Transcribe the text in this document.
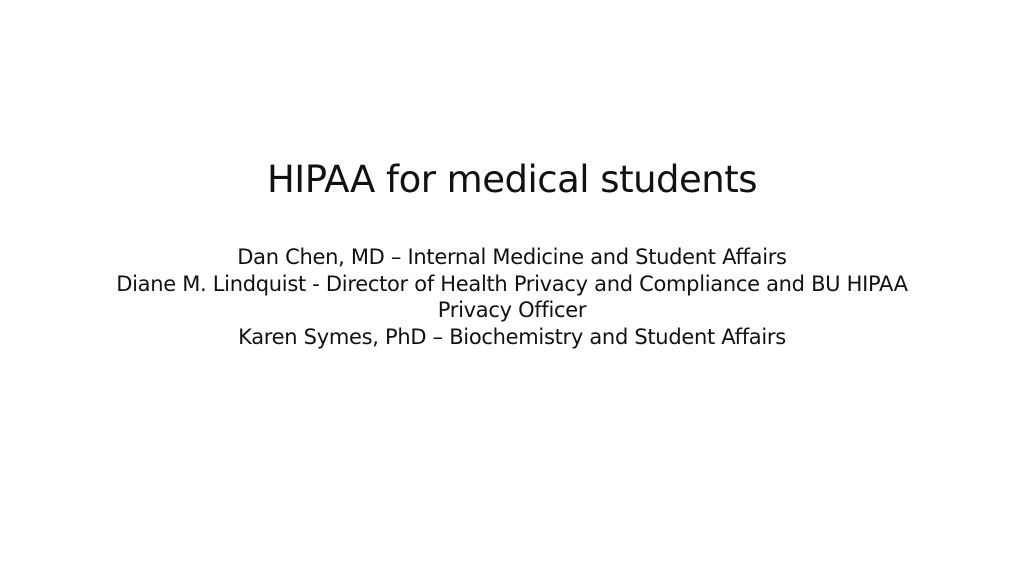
HIPAA for medical students
Dan Chen, MD – Internal Medicine and Student Affairs
Diane M. Lindquist - Director of Health Privacy and Compliance and BU HIPAA
Privacy Officer
Karen Symes, PhD – Biochemistry and Student Affairs
